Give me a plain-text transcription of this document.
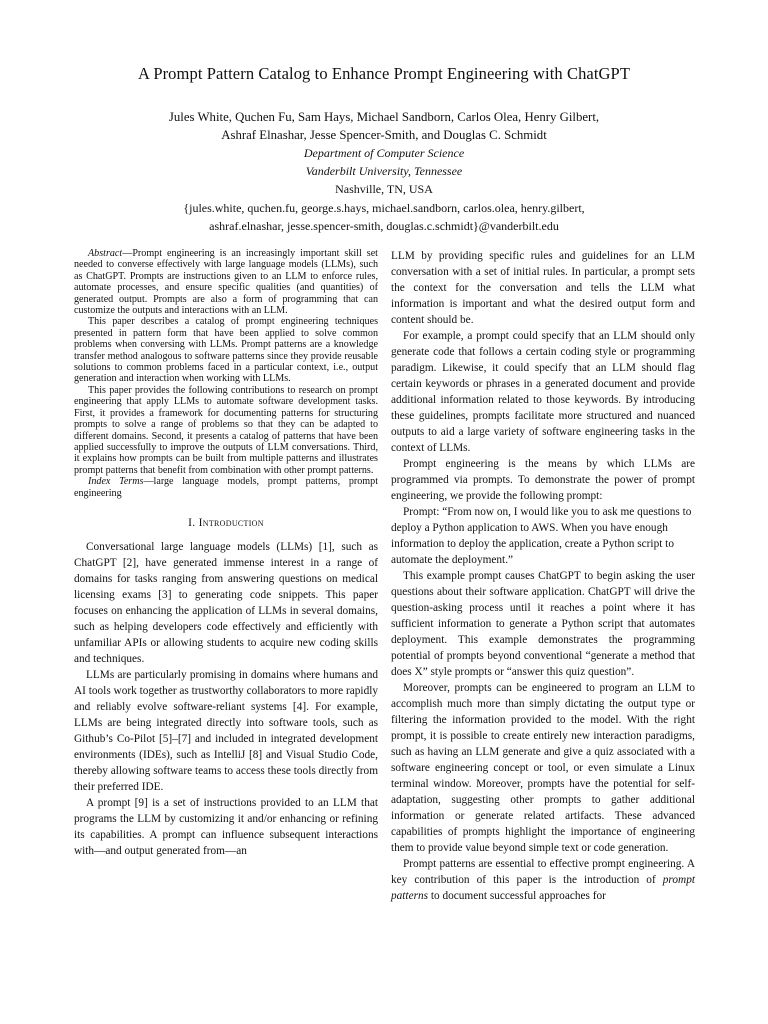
A Prompt Pattern Catalog to Enhance Prompt Engineering with ChatGPT

Jules White, Quchen Fu, Sam Hays, Michael Sandborn, Carlos Olea, Henry Gilbert,

Ashraf Elnashar, Jesse Spencer-Smith, and Douglas C. Schmidt

Department of Computer Science

Vanderbilt University, Tennessee

Nashville, TN, USA

{jules.white, quchen.fu, george.s.hays, michael.sandborn, carlos.olea, henry.gilbert,

ashraf.elnashar, jesse.spencer-smith, douglas.c.schmidt}@vanderbilt.edu

Abstract—Prompt engineering is an increasingly important skill set needed to converse effectively with large language models (LLMs), such as ChatGPT. Prompts are instructions given to an LLM to enforce rules, automate processes, and ensure specific qualities (and quantities) of generated output. Prompts are also a form of programming that can customize the outputs and interactions with an LLM.

This paper describes a catalog of prompt engineering techniques presented in pattern form that have been applied to solve common problems when conversing with LLMs. Prompt patterns are a knowledge transfer method analogous to software patterns since they provide reusable solutions to common problems faced in a particular context, i.e., output generation and interaction when working with LLMs.

This paper provides the following contributions to research on prompt engineering that apply LLMs to automate software development tasks. First, it provides a framework for documenting patterns for structuring prompts to solve a range of problems so that they can be adapted to different domains. Second, it presents a catalog of patterns that have been applied successfully to improve the outputs of LLM conversations. Third, it explains how prompts can be built from multiple patterns and illustrates prompt patterns that benefit from combination with other prompt patterns.

Index Terms—large language models, prompt patterns, prompt engineering

I. Introduction

Conversational large language models (LLMs) [1], such as ChatGPT [2], have generated immense interest in a range of domains for tasks ranging from answering questions on medical licensing exams [3] to generating code snippets. This paper focuses on enhancing the application of LLMs in several domains, such as helping developers code effectively and efficiently with unfamiliar APIs or allowing students to acquire new coding skills and techniques.

LLMs are particularly promising in domains where humans and AI tools work together as trustworthy collaborators to more rapidly and reliably evolve software-reliant systems [4]. For example, LLMs are being integrated directly into software tools, such as Github’s Co-Pilot [5]–[7] and included in integrated development environments (IDEs), such as IntelliJ [8] and Visual Studio Code, thereby allowing software teams to access these tools directly from their preferred IDE.

A prompt [9] is a set of instructions provided to an LLM that programs the LLM by customizing it and/or enhancing or refining its capabilities. A prompt can influence subsequent interactions with—and output generated from—an

LLM by providing specific rules and guidelines for an LLM conversation with a set of initial rules. In particular, a prompt sets the context for the conversation and tells the LLM what information is important and what the desired output form and content should be.

For example, a prompt could specify that an LLM should only generate code that follows a certain coding style or programming paradigm. Likewise, it could specify that an LLM should flag certain keywords or phrases in a generated document and provide additional information related to those keywords. By introducing these guidelines, prompts facilitate more structured and nuanced outputs to aid a large variety of software engineering tasks in the context of LLMs.

Prompt engineering is the means by which LLMs are programmed via prompts. To demonstrate the power of prompt engineering, we provide the following prompt:

Prompt: “From now on, I would like you to ask me questions to deploy a Python application to AWS. When you have enough information to deploy the application, create a Python script to automate the deployment.”

This example prompt causes ChatGPT to begin asking the user questions about their software application. ChatGPT will drive the question-asking process until it reaches a point where it has sufficient information to generate a Python script that automates deployment. This example demonstrates the programming potential of prompts beyond conventional “generate a method that does X” style prompts or “answer this quiz question”.

Moreover, prompts can be engineered to program an LLM to accomplish much more than simply dictating the output type or filtering the information provided to the model. With the right prompt, it is possible to create entirely new interaction paradigms, such as having an LLM generate and give a quiz associated with a software engineering concept or tool, or even simulate a Linux terminal window. Moreover, prompts have the potential for self-adaptation, suggesting other prompts to gather additional information or generate related artifacts. These advanced capabilities of prompts highlight the importance of engineering them to provide value beyond simple text or code generation.

Prompt patterns are essential to effective prompt engineering. A key contribution of this paper is the introduction of prompt patterns to document successful approaches for
